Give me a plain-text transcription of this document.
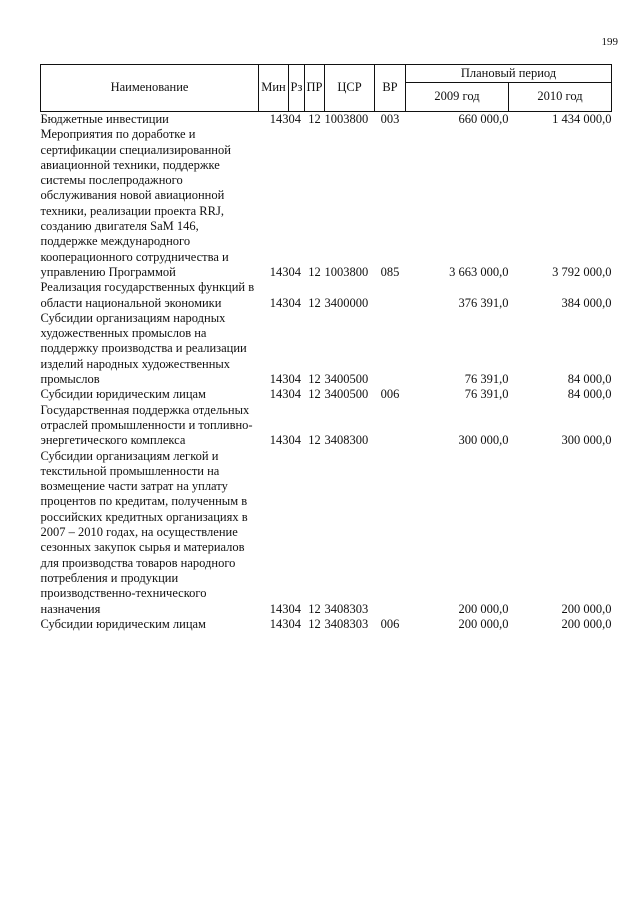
199
Наименование	Мин	Рз	ПР	ЦСР	ВР	Плановый период	
						2009 год	2010 год
Бюджетные инвестиции	143	04	12	1003800	003	660 000,0	1 434 000,0
Мероприятия по доработке и сертификации специализированной авиационной техники, поддержке системы послепродажного обслуживания новой авиационной техники, реализации проекта RRJ, созданию двигателя SaM 146, поддержке международного кооперационного сотрудничества и управлению Программой	143	04	12	1003800	085	3 663 000,0	3 792 000,0
Реализация государственных функций в области национальной экономики	143	04	12	3400000		376 391,0	384 000,0
Субсидии организациям народных художественных промыслов на поддержку производства и реализации изделий народных художественных промыслов	143	04	12	3400500		76 391,0	84 000,0
Субсидии юридическим лицам	143	04	12	3400500	006	76 391,0	84 000,0
Государственная поддержка отдельных отраслей промышленности и топливно-энергетического комплекса	143	04	12	3408300		300 000,0	300 000,0
Субсидии организациям легкой и текстильной промышленности на возмещение части затрат на уплату процентов по кредитам, полученным в российских кредитных организациях в 2007 – 2010 годах, на осуществление сезонных закупок сырья и материалов для производства товаров народного потребления и продукции производственно-технического назначения	143	04	12	3408303		200 000,0	200 000,0
Субсидии юридическим лицам	143	04	12	3408303	006	200 000,0	200 000,0
